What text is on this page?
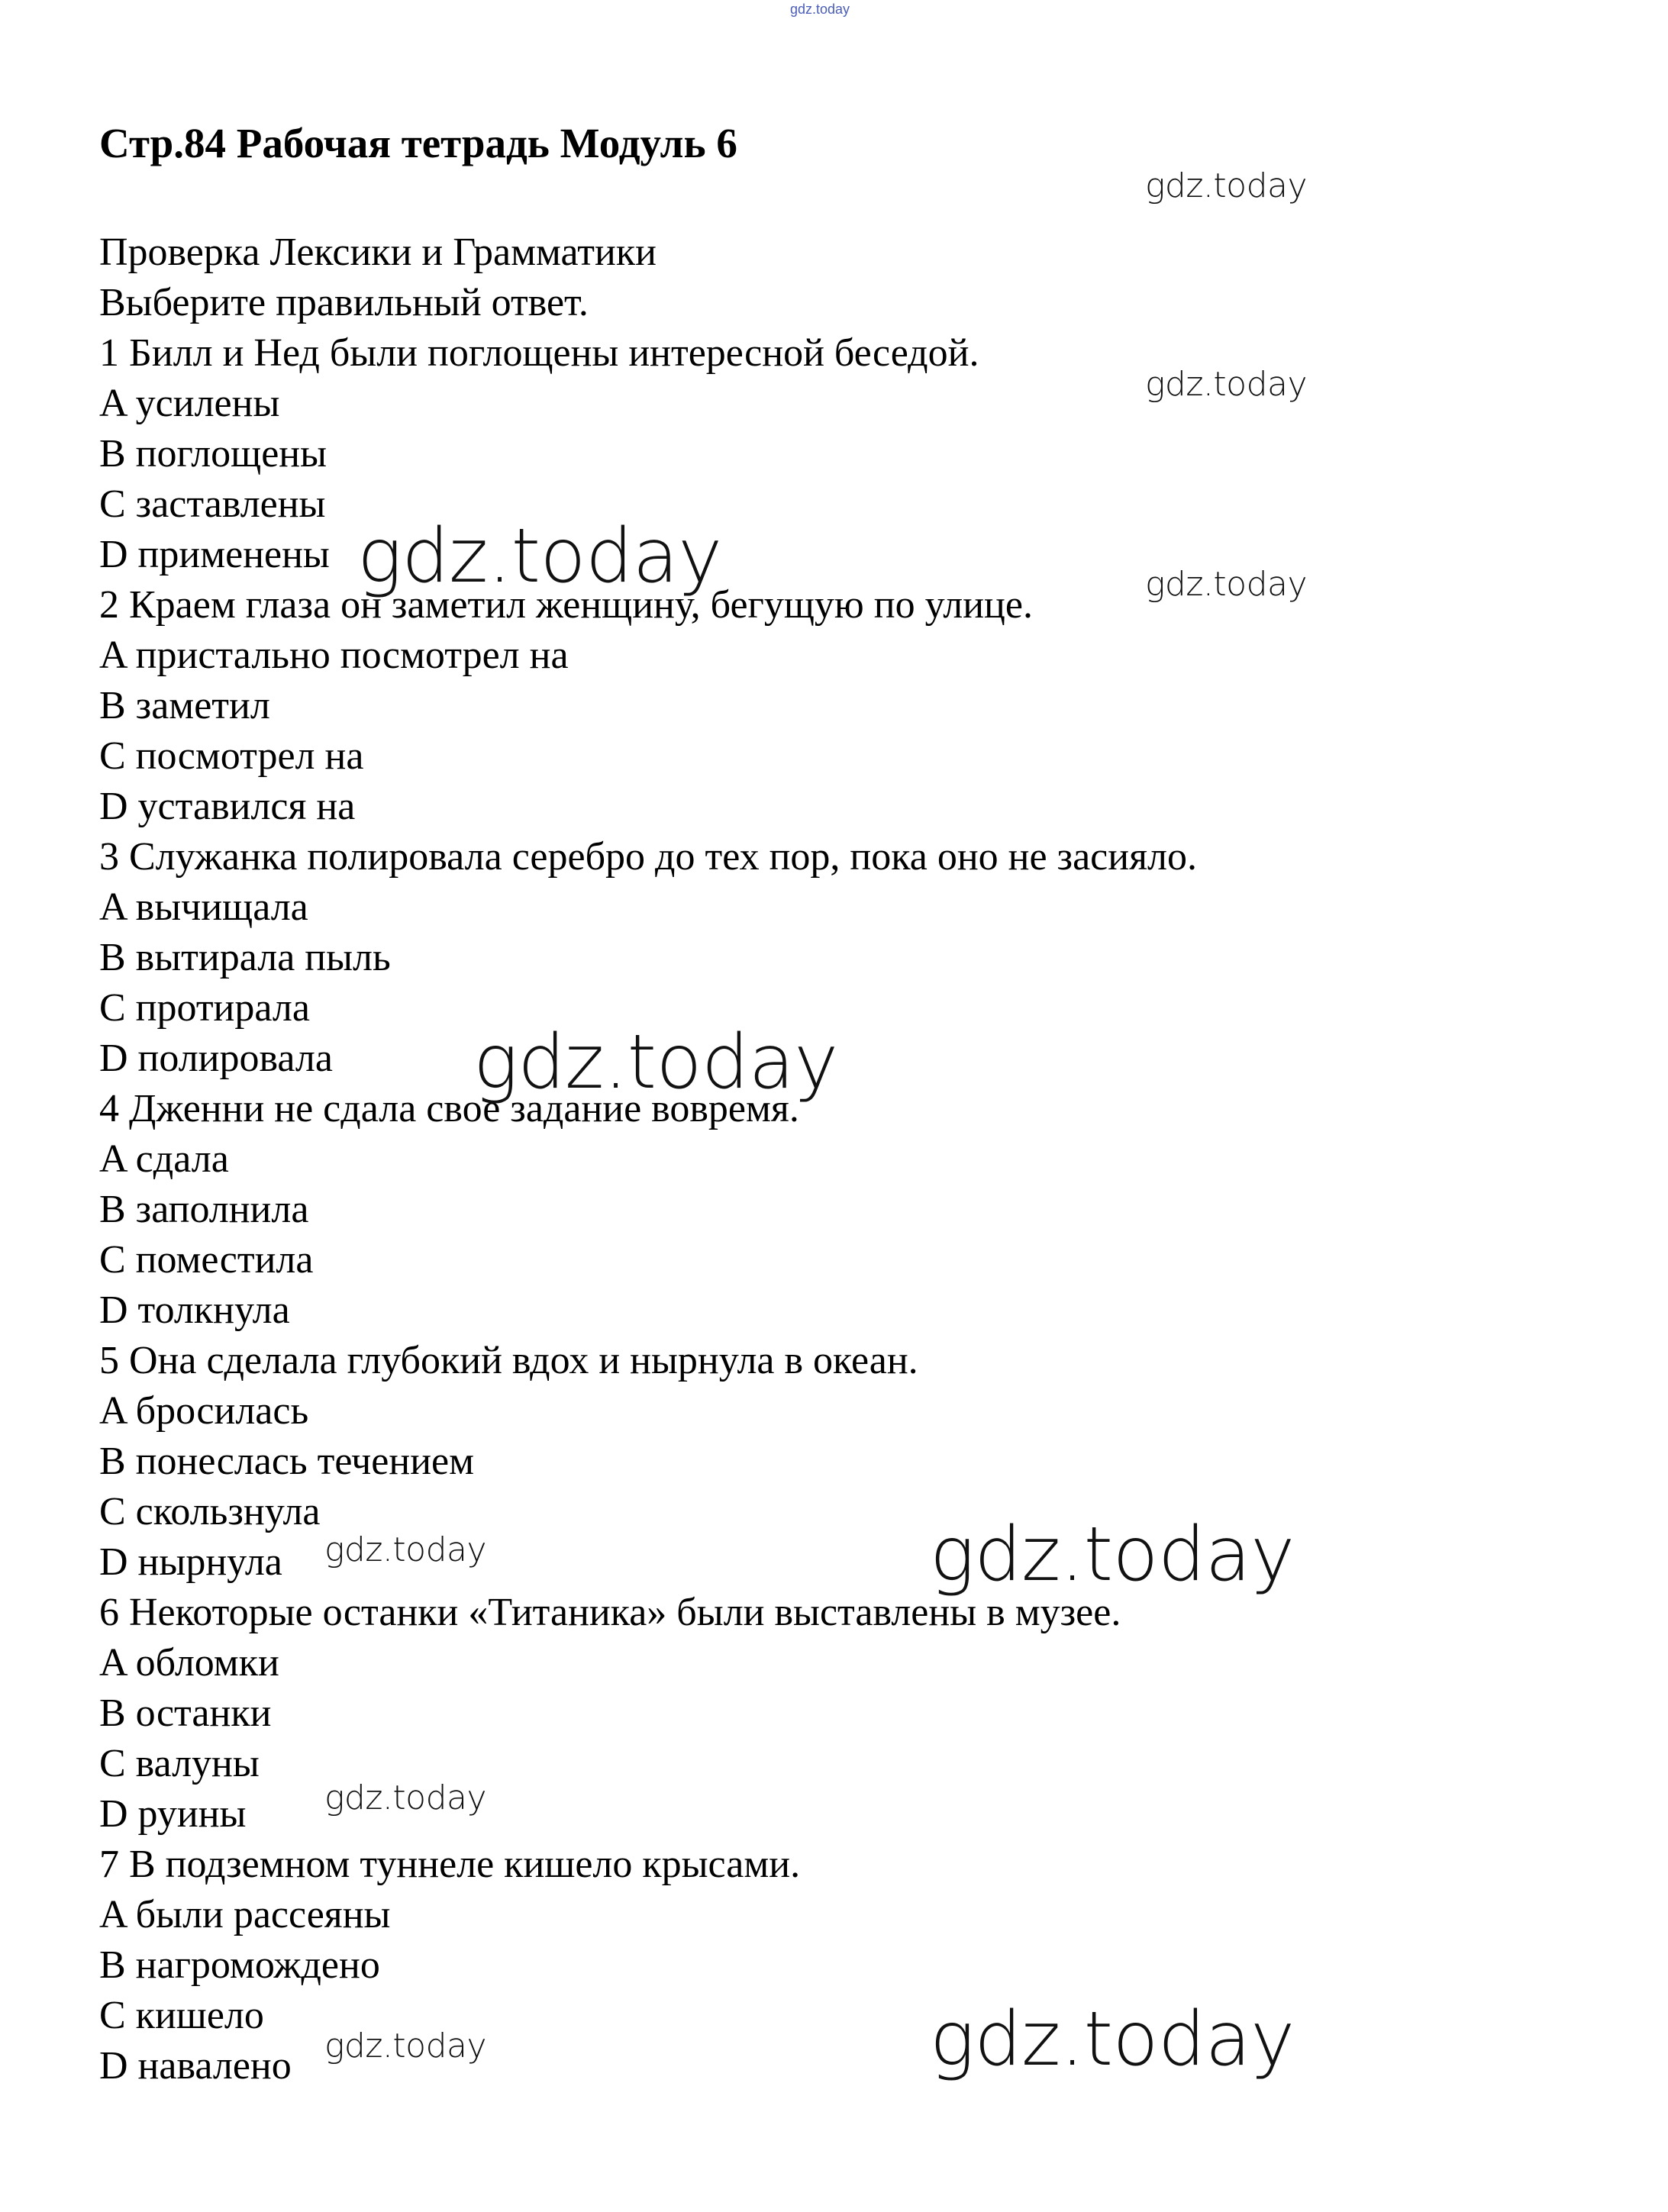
gdz.today
Стр.84 Рабочая тетрадь Модуль 6
Проверка Лексики и Грамматики
Выберите правильный ответ.
1 Билл и Нед были поглощены интересной беседой.
A усилены
B поглощены
C заставлены
D применены
2 Краем глаза он заметил женщину, бегущую по улице.
A пристально посмотрел на
B заметил
C посмотрел на
D уставился на
3 Служанка полировала серебро до тех пор, пока оно не засияло.
A вычищала
B вытирала пыль
C протирала
D полировала
4 Дженни не сдала свое задание вовремя.
A сдала
B заполнила
C поместила
D толкнула
5 Она сделала глубокий вдох и нырнула в океан.
A бросилась
B понеслась течением
C скользнула
D нырнула
6 Некоторые останки «Титаника» были выставлены в музее.
A обломки
B останки
C валуны
D руины
7 В подземном туннеле кишело крысами.
A были рассеяны
B нагромождено
C кишело
D навалено
gdz.today
gdz.today
gdz.today	gdz.today
gdz.today
gdz.today
gdz.today
gdz.today
gdz.today
gdz.today
